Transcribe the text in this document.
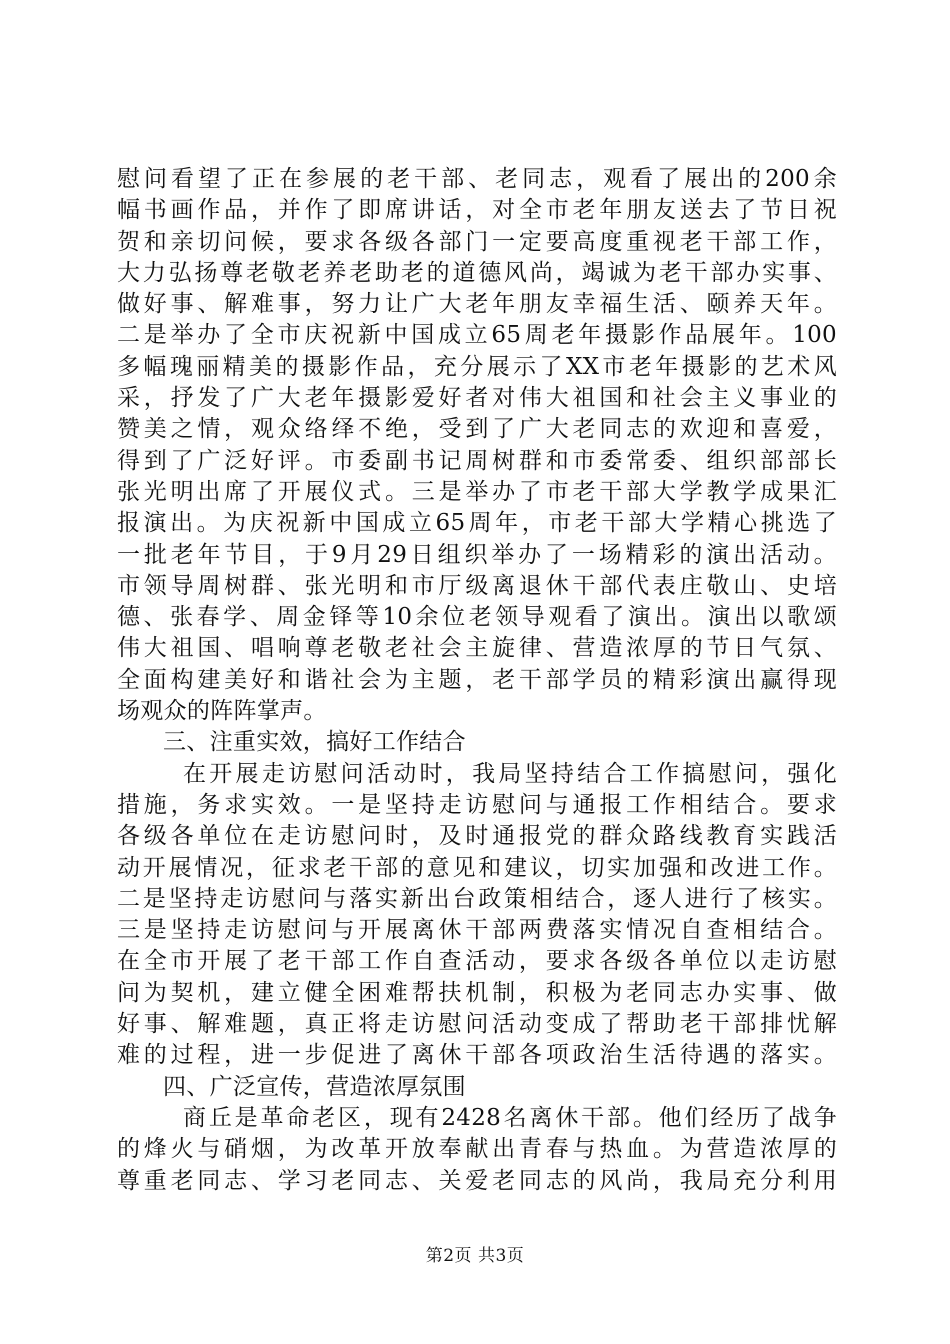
慰问看望了正在参展的老干部、老同志，观看了展出的200余
幅书画作品，并作了即席讲话，对全市老年朋友送去了节日祝
贺和亲切问候，要求各级各部门一定要高度重视老干部工作，
大力弘扬尊老敬老养老助老的道德风尚，竭诚为老干部办实事、
做好事、解难事，努力让广大老年朋友幸福生活、颐养天年。
二是举办了全市庆祝新中国成立65周老年摄影作品展年。100
多幅瑰丽精美的摄影作品，充分展示了XX市老年摄影的艺术风
采，抒发了广大老年摄影爱好者对伟大祖国和社会主义事业的
赞美之情，观众络绎不绝，受到了广大老同志的欢迎和喜爱，
得到了广泛好评。市委副书记周树群和市委常委、组织部部长
张光明出席了开展仪式。三是举办了市老干部大学教学成果汇
报演出。为庆祝新中国成立65周年，市老干部大学精心挑选了
一批老年节目，于9月29日组织举办了一场精彩的演出活动。
市领导周树群、张光明和市厅级离退休干部代表庄敬山、史培
德、张春学、周金铎等10余位老领导观看了演出。演出以歌颂
伟大祖国、唱响尊老敬老社会主旋律、营造浓厚的节日气氛、
全面构建美好和谐社会为主题，老干部学员的精彩演出赢得现
场观众的阵阵掌声。
三、注重实效，搞好工作结合
在开展走访慰问活动时，我局坚持结合工作搞慰问，强化
措施，务求实效。一是坚持走访慰问与通报工作相结合。要求
各级各单位在走访慰问时，及时通报党的群众路线教育实践活
动开展情况，征求老干部的意见和建议，切实加强和改进工作。
二是坚持走访慰问与落实新出台政策相结合，逐人进行了核实。
三是坚持走访慰问与开展离休干部两费落实情况自查相结合。
在全市开展了老干部工作自查活动，要求各级各单位以走访慰
问为契机，建立健全困难帮扶机制，积极为老同志办实事、做
好事、解难题，真正将走访慰问活动变成了帮助老干部排忧解
难的过程，进一步促进了离休干部各项政治生活待遇的落实。
四、广泛宣传，营造浓厚氛围
商丘是革命老区，现有2428名离休干部。他们经历了战争
的烽火与硝烟，为改革开放奉献出青春与热血。为营造浓厚的
尊重老同志、学习老同志、关爱老同志的风尚，我局充分利用
第2页 共3页
